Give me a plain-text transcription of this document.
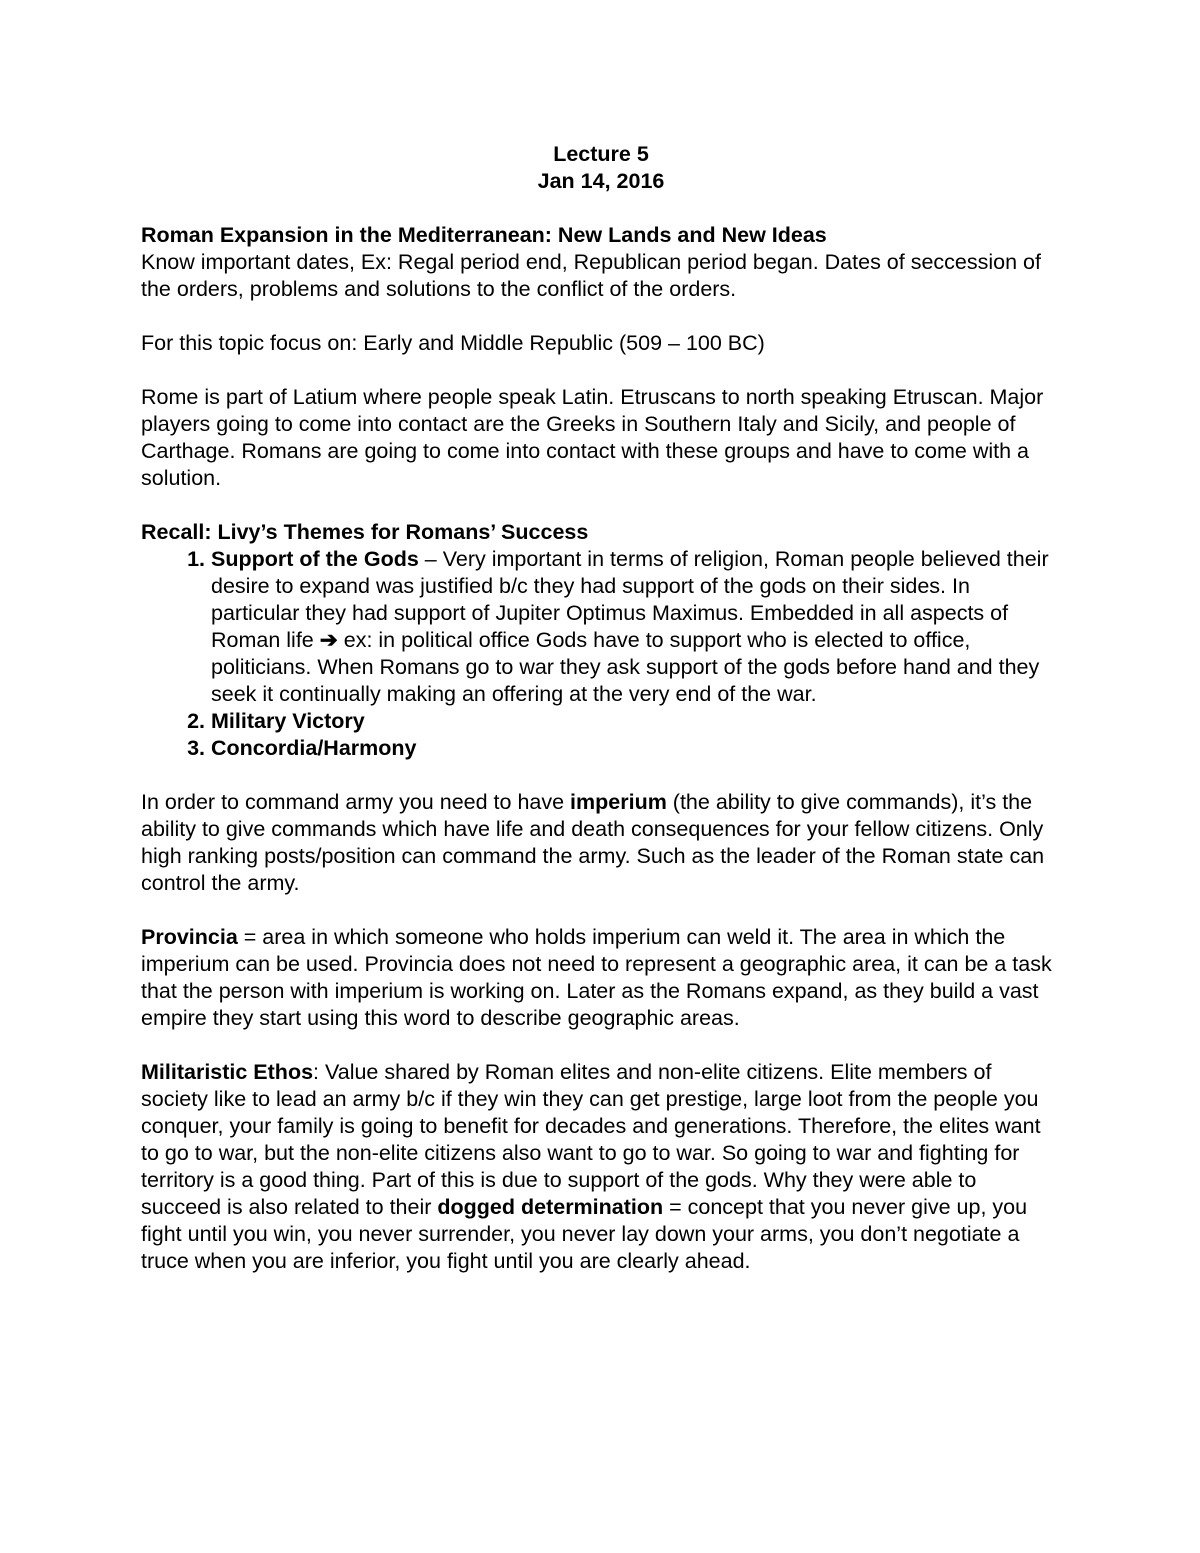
Lecture 5

Jan 14, 2016

Roman Expansion in the Mediterranean: New Lands and New Ideas

Know important dates, Ex: Regal period end, Republican period began. Dates of seccession of the orders, problems and solutions to the conflict of the orders.

For this topic focus on: Early and Middle Republic (509 – 100 BC)

Rome is part of Latium where people speak Latin. Etruscans to north speaking Etruscan. Major players going to come into contact are the Greeks in Southern Italy and Sicily, and people of Carthage. Romans are going to come into contact with these groups and have to come with a solution.

Recall: Livy’s Themes for Romans’ Success

1. Support of the Gods – Very important in terms of religion, Roman people believed their desire to expand was justified b/c they had support of the gods on their sides. In particular they had support of Jupiter Optimus Maximus. Embedded in all aspects of Roman life ➔ ex: in political office Gods have to support who is elected to office, politicians. When Romans go to war they ask support of the gods before hand and they seek it continually making an offering at the very end of the war.
2. Military Victory
3. Concordia/Harmony

In order to command army you need to have imperium (the ability to give commands), it’s the ability to give commands which have life and death consequences for your fellow citizens. Only high ranking posts/position can command the army. Such as the leader of the Roman state can control the army.

Provincia = area in which someone who holds imperium can weld it. The area in which the imperium can be used. Provincia does not need to represent a geographic area, it can be a task that the person with imperium is working on. Later as the Romans expand, as they build a vast empire they start using this word to describe geographic areas.

Militaristic Ethos: Value shared by Roman elites and non-elite citizens. Elite members of society like to lead an army b/c if they win they can get prestige, large loot from the people you conquer, your family is going to benefit for decades and generations. Therefore, the elites want to go to war, but the non-elite citizens also want to go to war. So going to war and fighting for territory is a good thing. Part of this is due to support of the gods. Why they were able to succeed is also related to their dogged determination = concept that you never give up, you fight until you win, you never surrender, you never lay down your arms, you don’t negotiate a truce when you are inferior, you fight until you are clearly ahead.
